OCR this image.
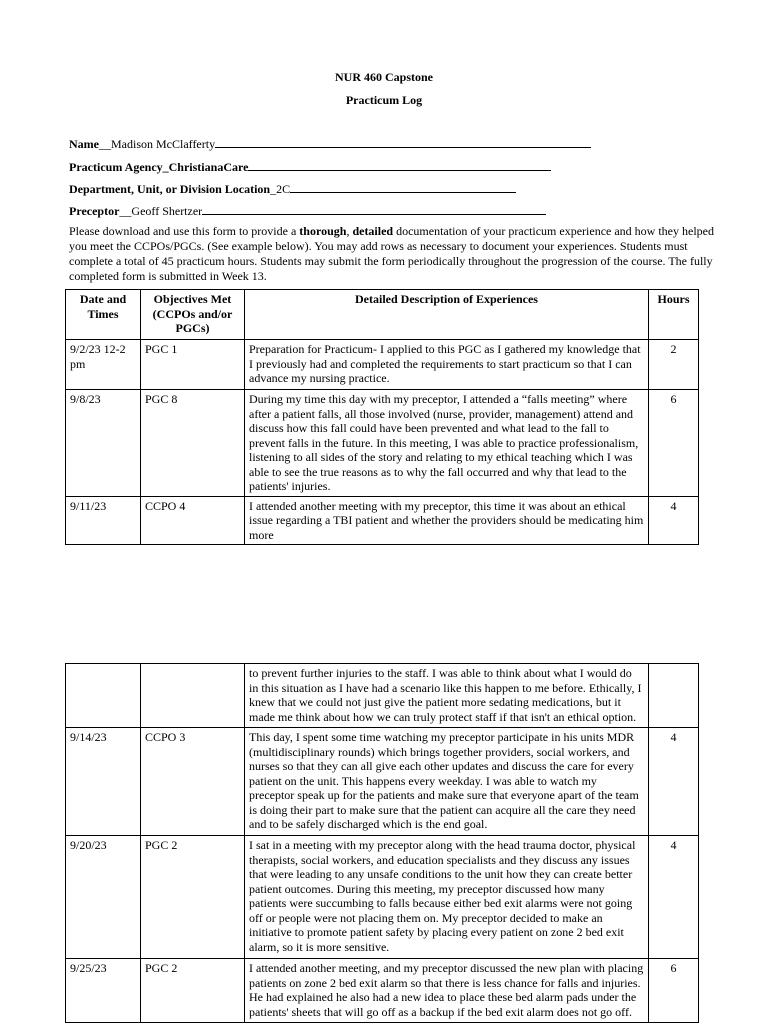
NUR 460 Capstone
Practicum Log
Name__Madison McClafferty
Practicum Agency_ChristianaCare
Department, Unit, or Division Location_2C
Preceptor__Geoff Shertzer
Please download and use this form to provide a thorough, detailed documentation of your practicum experience and how they helped you meet the CCPOs/PGCs. (See example below). You may add rows as necessary to document your experiences. Students must complete a total of 45 practicum hours. Students may submit the form periodically throughout the progression of the course. The fully completed form is submitted in Week 13.
Date and Times	Objectives Met (CCPOs and/or PGCs)	Detailed Description of Experiences	Hours
9/2/23 12-2 pm	PGC 1	Preparation for Practicum- I applied to this PGC as I gathered my knowledge that I previously had and completed the requirements to start practicum so that I can advance my nursing practice.	2
9/8/23	PGC 8	During my time this day with my preceptor, I attended a “falls meeting” where after a patient falls, all those involved (nurse, provider, management) attend and discuss how this fall could have been prevented and what lead to the fall to prevent falls in the future. In this meeting, I was able to practice professionalism, listening to all sides of the story and relating to my ethical teaching which I was able to see the true reasons as to why the fall occurred and why that lead to the patients' injuries.	6
9/11/23	CCPO 4	I attended another meeting with my preceptor, this time it was about an ethical issue regarding a TBI patient and whether the providers should be medicating him more	4
		to prevent further injuries to the staff. I was able to think about what I would do in this situation as I have had a scenario like this happen to me before. Ethically, I knew that we could not just give the patient more sedating medications, but it made me think about how we can truly protect staff if that isn't an ethical option.	
9/14/23	CCPO 3	This day, I spent some time watching my preceptor participate in his units MDR (multidisciplinary rounds) which brings together providers, social workers, and nurses so that they can all give each other updates and discuss the care for every patient on the unit. This happens every weekday. I was able to watch my preceptor speak up for the patients and make sure that everyone apart of the team is doing their part to make sure that the patient can acquire all the care they need and to be safely discharged which is the end goal.	4
9/20/23	PGC 2	I sat in a meeting with my preceptor along with the head trauma doctor, physical therapists, social workers, and education specialists and they discuss any issues that were leading to any unsafe conditions to the unit how they can create better patient outcomes. During this meeting, my preceptor discussed how many patients were succumbing to falls because either bed exit alarms were not going off or people were not placing them on. My preceptor decided to make an initiative to promote patient safety by placing every patient on zone 2 bed exit alarm, so it is more sensitive.	4
9/25/23	PGC 2	I attended another meeting, and my preceptor discussed the new plan with placing patients on zone 2 bed exit alarm so that there is less chance for falls and injuries. He had explained he also had a new idea to place these bed alarm pads under the patients' sheets that will go off as a backup if the bed exit alarm does not go off.	6
